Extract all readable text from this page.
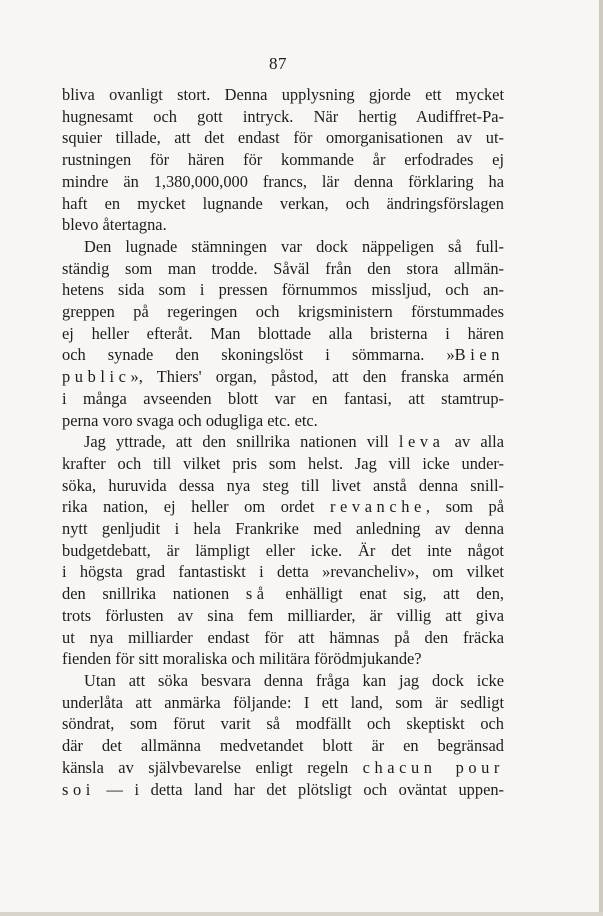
87
bliva ovanligt stort. Denna upplysning gjorde ett mycket
hugnesamt och gott intryck. När hertig Audiffret-Pa-
squier tillade, att det endast för omorganisationen av ut-
rustningen för hären för kommande år erfodrades ej
mindre än 1,380,000,000 francs, lär denna förklaring ha
haft en mycket lugnande verkan, och ändringsförslagen
blevo återtagna.
Den lugnade stämningen var dock näppeligen så full-
ständig som man trodde. Såväl från den stora allmän-
hetens sida som i pressen förnummos missljud, och an-
greppen på regeringen och krigsministern förstummades
ej heller efteråt. Man blottade alla bristerna i hären
och synade den skoningslöst i sömmarna. »Bien
public», Thiers' organ, påstod, att den franska armén
i många avseenden blott var en fantasi, att stamtrup-
perna voro svaga och odugliga etc. etc.
Jag yttrade, att den snillrika nationen vill leva av alla
krafter och till vilket pris som helst. Jag vill icke under-
söka, huruvida dessa nya steg till livet anstå denna snill-
rika nation, ej heller om ordet revanche, som på
nytt genljudit i hela Frankrike med anledning av denna
budgetdebatt, är lämpligt eller icke. Är det inte något
i högsta grad fantastiskt i detta »revancheliv», om vilket
den snillrika nationen så enhälligt enat sig, att den,
trots förlusten av sina fem milliarder, är villig att giva
ut nya milliarder endast för att hämnas på den fräcka
fienden för sitt moraliska och militära förödmjukande?
Utan att söka besvara denna fråga kan jag dock icke
underlåta att anmärka följande: I ett land, som är sedligt
söndrat, som förut varit så modfällt och skeptiskt och
där det allmänna medvetandet blott är en begränsad
känsla av självbevarelse enligt regeln chacun pour
soi — i detta land har det plötsligt och oväntat uppen-
